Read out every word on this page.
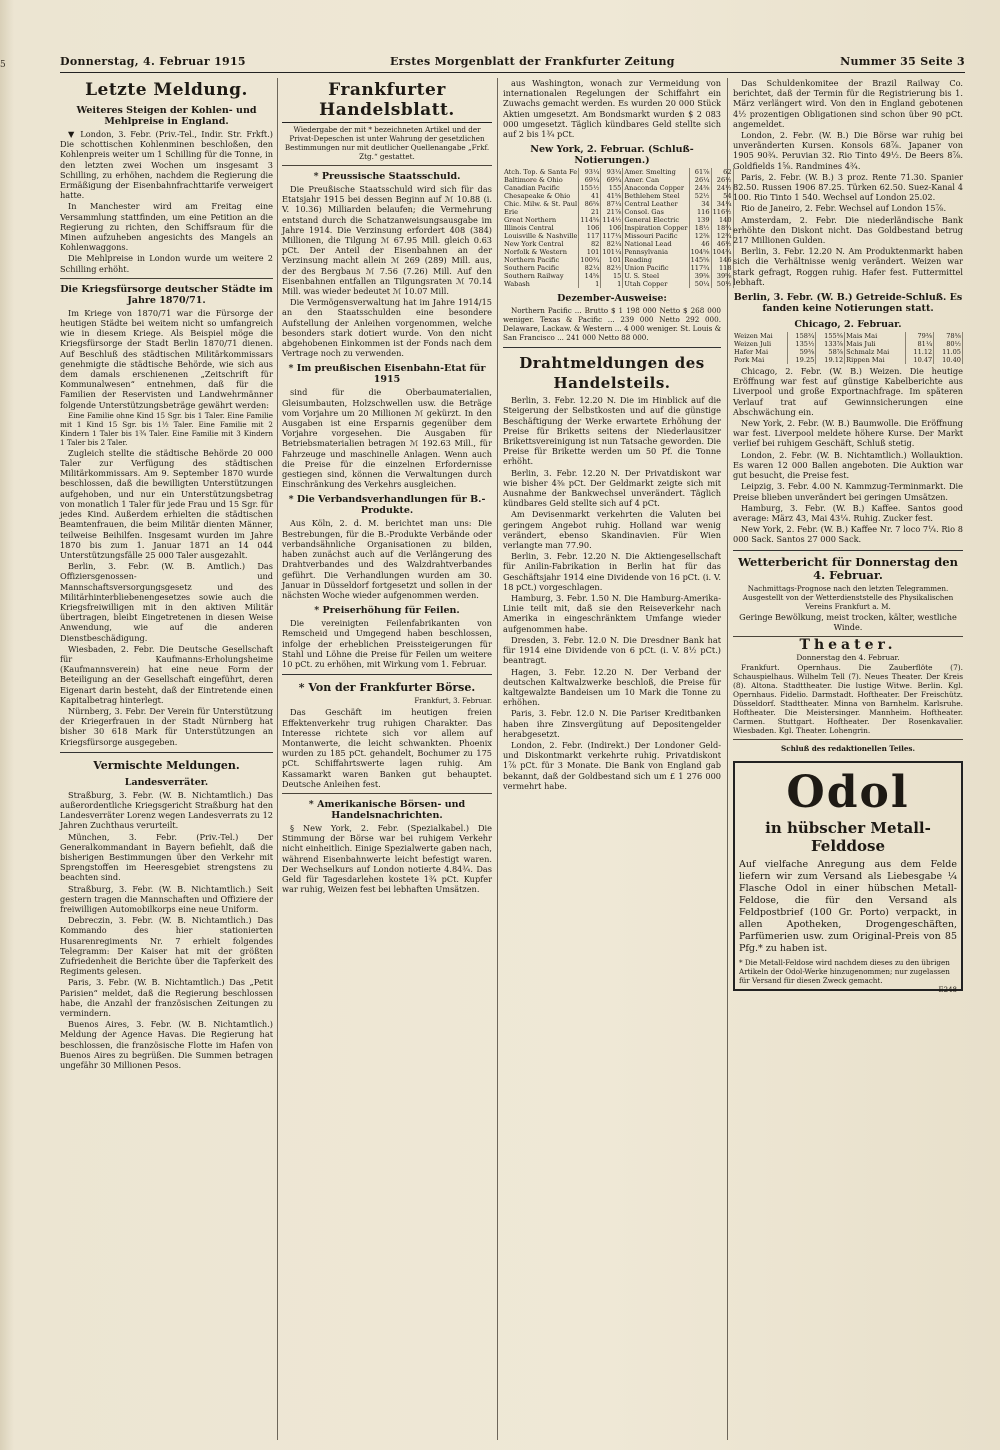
5	Donnerstag, 4. Februar 1915	Erstes Morgenblatt der Frankfurter Zeitung	Nummer 35 Seite 3
Letzte Meldung.
Weiteres Steigen der Kohlen- und Mehlpreise in England.

▼ London, 3. Febr. (Priv.-Tel., Indir. Str. Frkft.) Die schottischen Kohlenminen beschloßen, den Kohlenpreis weiter um 1 Schilling für die Tonne, in den letzten zwei Wochen um insgesamt 3 Schilling, zu erhöhen, nachdem die Regierung die Ermäßigung der Eisenbahnfrachttarife verweigert hatte.

In Manchester wird am Freitag eine Versammlung stattfinden, um eine Petition an die Regierung zu richten, den Schiffsraum für die Minen aufzuheben angesichts des Mangels an Kohlenwaggons.

Die Mehlpreise in London wurde um weitere 2 Schilling erhöht.

Die Kriegsfürsorge deutscher Städte im Jahre 1870/71.

Im Kriege von 1870/71 war die Fürsorge der heutigen Städte bei weitem nicht so umfangreich wie in diesem Kriege. Als Beispiel möge die Kriegsfürsorge der Stadt Berlin 1870/71 dienen. Auf Beschluß des städtischen Militärkommissars genehmigte die städtische Behörde, wie sich aus dem damals erschienenen „Zeitschrift für Kommunalwesen“ entnehmen, daß für die Familien der Reservisten und Landwehrmänner folgende Unterstützungsbeträge gewährt werden:

Eine Familie ohne Kind 15 Sgr. bis 1 Taler. Eine Familie mit 1 Kind 15 Sgr. bis 1½ Taler. Eine Familie mit 2 Kindern 1 Taler bis 1¾ Taler. Eine Familie mit 3 Kindern 1 Taler bis 2 Taler.

Zugleich stellte die städtische Behörde 20 000 Taler zur Verfügung des städtischen Militärkommissars. Am 9. September 1870 wurde beschlossen, daß die bewilligten Unterstützungen aufgehoben, und nur ein Unterstützungsbetrag von monatlich 1 Taler für jede Frau und 15 Sgr. für jedes Kind. Außerdem erhielten die städtischen Beamtenfrauen, die beim Militär dienten Männer, teilweise Beihilfen. Insgesamt wurden im Jahre 1870 bis zum 1. Januar 1871 an 14 044 Unterstützungsfälle 25 000 Taler ausgezahlt.

Berlin, 3. Febr. (W. B. Amtlich.) Das Offiziersgenossen- und Mannschaftsversorgungsgesetz und des Militärhinterbliebenengesetzes sowie auch die Kriegsfreiwilligen mit in den aktiven Militär übertragen, bleibt Eingetretenen in diesen Weise Anwendung, wie auf die anderen Dienstbeschädigung.

Wiesbaden, 2. Febr. Die Deutsche Gesellschaft für Kaufmanns-Erholungsheime (Kaufmannsverein) hat eine neue Form der Beteiligung an der Gesellschaft eingeführt, deren Eigenart darin besteht, daß der Eintretende einen Kapitalbetrag hinterlegt.

Nürnberg, 3. Febr. Der Verein für Unterstützung der Kriegerfrauen in der Stadt Nürnberg hat bisher 30 618 Mark für Unterstützungen an Kriegsfürsorge ausgegeben.

Vermischte Meldungen.
Landesverräter.

Straßburg, 3. Febr. (W. B. Nichtamtlich.) Das außerordentliche Kriegsgericht Straßburg hat den Landesverräter Lorenz wegen Landesverrats zu 12 Jahren Zuchthaus verurteilt.

München, 3. Febr. (Priv.-Tel.) Der Generalkommandant in Bayern befiehlt, daß die bisherigen Bestimmungen über den Verkehr mit Sprengstoffen im Heeresgebiet strengstens zu beachten sind.

Straßburg, 3. Febr. (W. B. Nichtamtlich.) Seit gestern tragen die Mannschaften und Offiziere der freiwilligen Automobilkorps eine neue Uniform.

Debreczin, 3. Febr. (W. B. Nichtamtlich.) Das Kommando des hier stationierten Husarenregiments Nr. 7 erhielt folgendes Telegramm: Der Kaiser hat mit der größten Zufriedenheit die Berichte über die Tapferkeit des Regiments gelesen.

Paris, 3. Febr. (W. B. Nichtamtlich.) Das „Petit Parisien“ meldet, daß die Regierung beschlossen habe, die Anzahl der französischen Zeitungen zu vermindern.

Buenos Aires, 3. Febr. (W. B. Nichtamtlich.) Meldung der Agence Havas. Die Regierung hat beschlossen, die französische Flotte im Hafen von Buenos Aires zu begrüßen. Die Summen betragen ungefähr 30 Millionen Pesos.

Frankfurter Handelsblatt.

Wiedergabe der mit * bezeichneten Artikel und der Privat-Depeschen ist unter Wahrung der gesetzlichen Bestimmungen nur mit deutlicher Quellenangabe „Frkf. Ztg.“ gestattet.

* Preussische Staatsschuld.

Die Preußische Staatsschuld wird sich für das Etatsjahr 1915 bei dessen Beginn auf ℳ 10.88 (i. V. 10.36) Milliarden belaufen; die Vermehrung entstand durch die Schatzanweisungsausgabe im Jahre 1914. Die Verzinsung erfordert 408 (384) Millionen, die Tilgung ℳ 67.95 Mill. gleich 0.63 pCt. Der Anteil der Eisenbahnen an der Verzinsung macht allein ℳ 269 (289) Mill. aus, der des Bergbaus ℳ 7.56 (7.26) Mill. Auf den Eisenbahnen entfallen an Tilgungsraten ℳ 70.14 Mill. was wieder bedeutet ℳ 10.07 Mill.

Die Vermögensverwaltung hat im Jahre 1914/15 an den Staatsschulden eine besondere Aufstellung der Anleihen vorgenommen, welche besonders stark dotiert wurde. Von den nicht abgehobenen Einkommen ist der Fonds nach dem Vertrage noch zu verwenden.

* Im preußischen Eisenbahn-Etat für 1915

sind für die Oberbaumaterialien, Gleisumbauten, Holzschwellen usw. die Beträge vom Vorjahre um 20 Millionen ℳ gekürzt. In den Ausgaben ist eine Ersparnis gegenüber dem Vorjahre vorgesehen. Die Ausgaben für Betriebsmaterialien betragen ℳ 192.63 Mill., für Fahrzeuge und maschinelle Anlagen. Wenn auch die Preise für die einzelnen Erfordernisse gestiegen sind, können die Verwaltungen durch Einschränkung des Verkehrs ausgleichen.

* Die Verbandsverhandlungen für B.-Produkte.

Aus Köln, 2. d. M. berichtet man uns: Die Bestrebungen, für die B.-Produkte Verbände oder verbandsähnliche Organisationen zu bilden, haben zunächst auch auf die Verlängerung des Drahtverbandes und des Walzdrahtverbandes geführt. Die Verhandlungen wurden am 30. Januar in Düsseldorf fortgesetzt und sollen in der nächsten Woche wieder aufgenommen werden.

* Preiserhöhung für Feilen.

Die vereinigten Feilenfabrikanten von Remscheid und Umgegend haben beschlossen, infolge der erheblichen Preissteigerungen für Stahl und Löhne die Preise für Feilen um weitere 10 pCt. zu erhöhen, mit Wirkung vom 1. Februar.

* Von der Frankfurter Börse.

Frankfurt, 3. Februar.

Das Geschäft im heutigen freien Effektenverkehr trug ruhigen Charakter. Das Interesse richtete sich vor allem auf Montanwerte, die leicht schwankten. Phoenix wurden zu 185 pCt. gehandelt, Bochumer zu 175 pCt. Schiffahrtswerte lagen ruhig. Am Kassamarkt waren Banken gut behauptet. Deutsche Anleihen fest.

* Amerikanische Börsen- und Handelsnachrichten.

§ New York, 2. Febr. (Spezialkabel.) Die Stimmung der Börse war bei ruhigem Verkehr nicht einheitlich. Einige Spezialwerte gaben nach, während Eisenbahnwerte leicht befestigt waren. Der Wechselkurs auf London notierte 4.84¾. Das Geld für Tagesdarlehen kostete 1¾ pCt. Kupfer war ruhig, Weizen fest bei lebhaften Umsätzen.

aus Washington, wonach zur Vermeidung von internationalen Regelungen der Schiffahrt ein Zuwachs gemacht werden. Es wurden 20 000 Stück Aktien umgesetzt. Am Bondsmarkt wurden $ 2 083 000 umgesetzt. Täglich kündbares Geld stellte sich auf 2 bis 1¾ pCt.

New York, 2. Februar. (Schluß-Notierungen.)
Atch. Top. & Santa Fe	93¼	93¼	Amer. Smelting	61⅞	62
Baltimore & Ohio	69¼	69¾	Amer. Can	26¼	26½
Canadian Pacific	155½	155	Anaconda Copper	24⅜	24½
Chesapeake & Ohio	41	41⅝	Bethlehem Steel	52½	54
Chic. Milw. & St. Paul	86⅝	87¼	Central Leather	34	34¼
Erie	21	21⅞	Consol. Gas	116	116½
Great Northern	114⅝	114½	General Electric	139	140
Illinois Central	106	106	Inspiration Copper	18½	18¾
Louisville & Nashville	117	117¼	Missouri Pacific	12⅜	12¾
New York Central	82	82¼	National Lead	46	46½
Norfolk & Western	101	101¼	Pennsylvania	104⅝	104¾
Northern Pacific	100¾	101	Reading	145⅝	146
Southern Pacific	82¼	82½	Union Pacific	117¾	118
Southern Railway	14⅝	15	U. S. Steel	39⅜	39⅝
Wabash	1	1	Utah Copper	50¼	50½
Dezember-Ausweise:

Northern Pacific ... Brutto $ 1 198 000 Netto $ 268 000 weniger. Texas & Pacific ... 239 000 Netto 292 000. Delaware, Lackaw. & Western ... 4 000 weniger. St. Louis & San Francisco ... 241 000 Netto 88 000.

Drahtmeldungen des Handelsteils.

Berlin, 3. Febr. 12.20 N. Die im Hinblick auf die Steigerung der Selbstkosten und auf die günstige Beschäftigung der Werke erwartete Erhöhung der Preise für Briketts seitens der Niederlausitzer Brikettsvereinigung ist nun Tatsache geworden. Die Preise für Brikette werden um 50 Pf. die Tonne erhöht.

Berlin, 3. Febr. 12.20 N. Der Privatdiskont war wie bisher 4⅜ pCt. Der Geldmarkt zeigte sich mit Ausnahme der Bankwechsel unverändert. Täglich kündbares Geld stellte sich auf 4 pCt.

Am Devisenmarkt verkehrten die Valuten bei geringem Angebot ruhig. Holland war wenig verändert, ebenso Skandinavien. Für Wien verlangte man 77.90.

Berlin, 3. Febr. 12.20 N. Die Aktiengesellschaft für Anilin-Fabrikation in Berlin hat für das Geschäftsjahr 1914 eine Dividende von 16 pCt. (i. V. 18 pCt.) vorgeschlagen.

Hamburg, 3. Febr. 1.50 N. Die Hamburg-Amerika-Linie teilt mit, daß sie den Reiseverkehr nach Amerika in eingeschränktem Umfange wieder aufgenommen habe.

Dresden, 3. Febr. 12.0 N. Die Dresdner Bank hat für 1914 eine Dividende von 6 pCt. (i. V. 8½ pCt.) beantragt.

Hagen, 3. Febr. 12.20 N. Der Verband der deutschen Kaltwalzwerke beschloß, die Preise für kaltgewalzte Bandeisen um 10 Mark die Tonne zu erhöhen.

Paris, 3. Febr. 12.0 N. Die Pariser Kreditbanken haben ihre Zinsvergütung auf Depositengelder herabgesetzt.

London, 2. Febr. (Indirekt.) Der Londoner Geld- und Diskontmarkt verkehrte ruhig. Privatdiskont 1⅞ pCt. für 3 Monate. Die Bank von England gab bekannt, daß der Goldbestand sich um £ 1 276 000 vermehrt habe.

Das Schuldenkomitee der Brazil Railway Co. berichtet, daß der Termin für die Registrierung bis 1. März verlängert wird. Von den in England gebotenen 4½ prozentigen Obligationen sind schon über 90 pCt. angemeldet.

London, 2. Febr. (W. B.) Die Börse war ruhig bei unveränderten Kursen. Konsols 68⅞. Japaner von 1905 90¾. Peruvian 32. Rio Tinto 49½. De Beers 8⅞. Goldfields 1⅝. Randmines 4¾.

Paris, 2. Febr. (W. B.) 3 proz. Rente 71.30. Spanier 82.50. Russen 1906 87.25. Türken 62.50. Suez-Kanal 4 100. Rio Tinto 1 540. Wechsel auf London 25.02.

Rio de Janeiro, 2. Febr. Wechsel auf London 15⅞.

Amsterdam, 2. Febr. Die niederländische Bank erhöhte den Diskont nicht. Das Goldbestand betrug 217 Millionen Gulden.

Berlin, 3. Febr. 12.20 N. Am Produktenmarkt haben sich die Verhältnisse wenig verändert. Weizen war stark gefragt, Roggen ruhig. Hafer fest. Futtermittel lebhaft.

Berlin, 3. Febr. (W. B.) Getreide-Schluß. Es fanden keine Notierungen statt.
Chicago, 2. Februar.
Weizen Mai	158¾	155⅝	Mais Mai	79⅜	78⅝
Weizen Juli	135½	133⅞	Mais Juli	81¼	80½
Hafer Mai	59⅜	58⅞	Schmalz Mai	11.12	11.05
Pork Mai	19.25	19.12	Rippen Mai	10.47	10.40

Chicago, 2. Febr. (W. B.) Weizen. Die heutige Eröffnung war fest auf günstige Kabelberichte aus Liverpool und große Exportnachfrage. Im späteren Verlauf trat auf Gewinnsicherungen eine Abschwächung ein.

New York, 2. Febr. (W. B.) Baumwolle. Die Eröffnung war fest. Liverpool meldete höhere Kurse. Der Markt verlief bei ruhigem Geschäft, Schluß stetig.

London, 2. Febr. (W. B. Nichtamtlich.) Wollauktion. Es waren 12 000 Ballen angeboten. Die Auktion war gut besucht, die Preise fest.

Leipzig, 3. Febr. 4.00 N. Kammzug-Terminmarkt. Die Preise blieben unverändert bei geringen Umsätzen.

Hamburg, 3. Febr. (W. B.) Kaffee. Santos good average: März 43, Mai 43¼. Ruhig. Zucker fest.

New York, 2. Febr. (W. B.) Kaffee Nr. 7 loco 7¼. Rio 8 000 Sack. Santos 27 000 Sack.

Wetterbericht für Donnerstag den 4. Februar.

Nachmittags-Prognose nach den letzten Telegrammen. Ausgestellt von der Wetterdienststelle des Physikalischen Vereins Frankfurt a. M.

Geringe Bewölkung, meist trocken, kälter, westliche Winde.

Theater.

Donnerstag den 4. Februar.

Frankfurt. Opernhaus. Die Zauberflöte (7). Schauspielhaus. Wilhelm Tell (7). Neues Theater. Der Kreis (8). Altona. Stadttheater. Die lustige Witwe. Berlin. Kgl. Opernhaus. Fidelio. Darmstadt. Hoftheater. Der Freischütz. Düsseldorf. Stadttheater. Minna von Barnhelm. Karlsruhe. Hoftheater. Die Meistersinger. Mannheim. Hoftheater. Carmen. Stuttgart. Hoftheater. Der Rosenkavalier. Wiesbaden. Kgl. Theater. Lohengrin.

Schluß des redaktionellen Teiles.

Odol
in hübscher Metall-Felddose
Auf vielfache Anregung aus dem Felde liefern wir zum Versand als Liebesgabe ¼ Flasche Odol in einer hübschen Metall-Feldose, die für den Versand als Feldpostbrief (100 Gr. Porto) verpackt, in allen Apotheken, Drogengeschäften, Parfümerien usw. zum Original-Preis von 85 Pfg.* zu haben ist.
* Die Metall-Feldose wird nachdem dieses zu den übrigen Artikeln der Odol-Werke hinzugenommen; nur zugelassen für Versand für diesen Zweck gemacht.
E248
